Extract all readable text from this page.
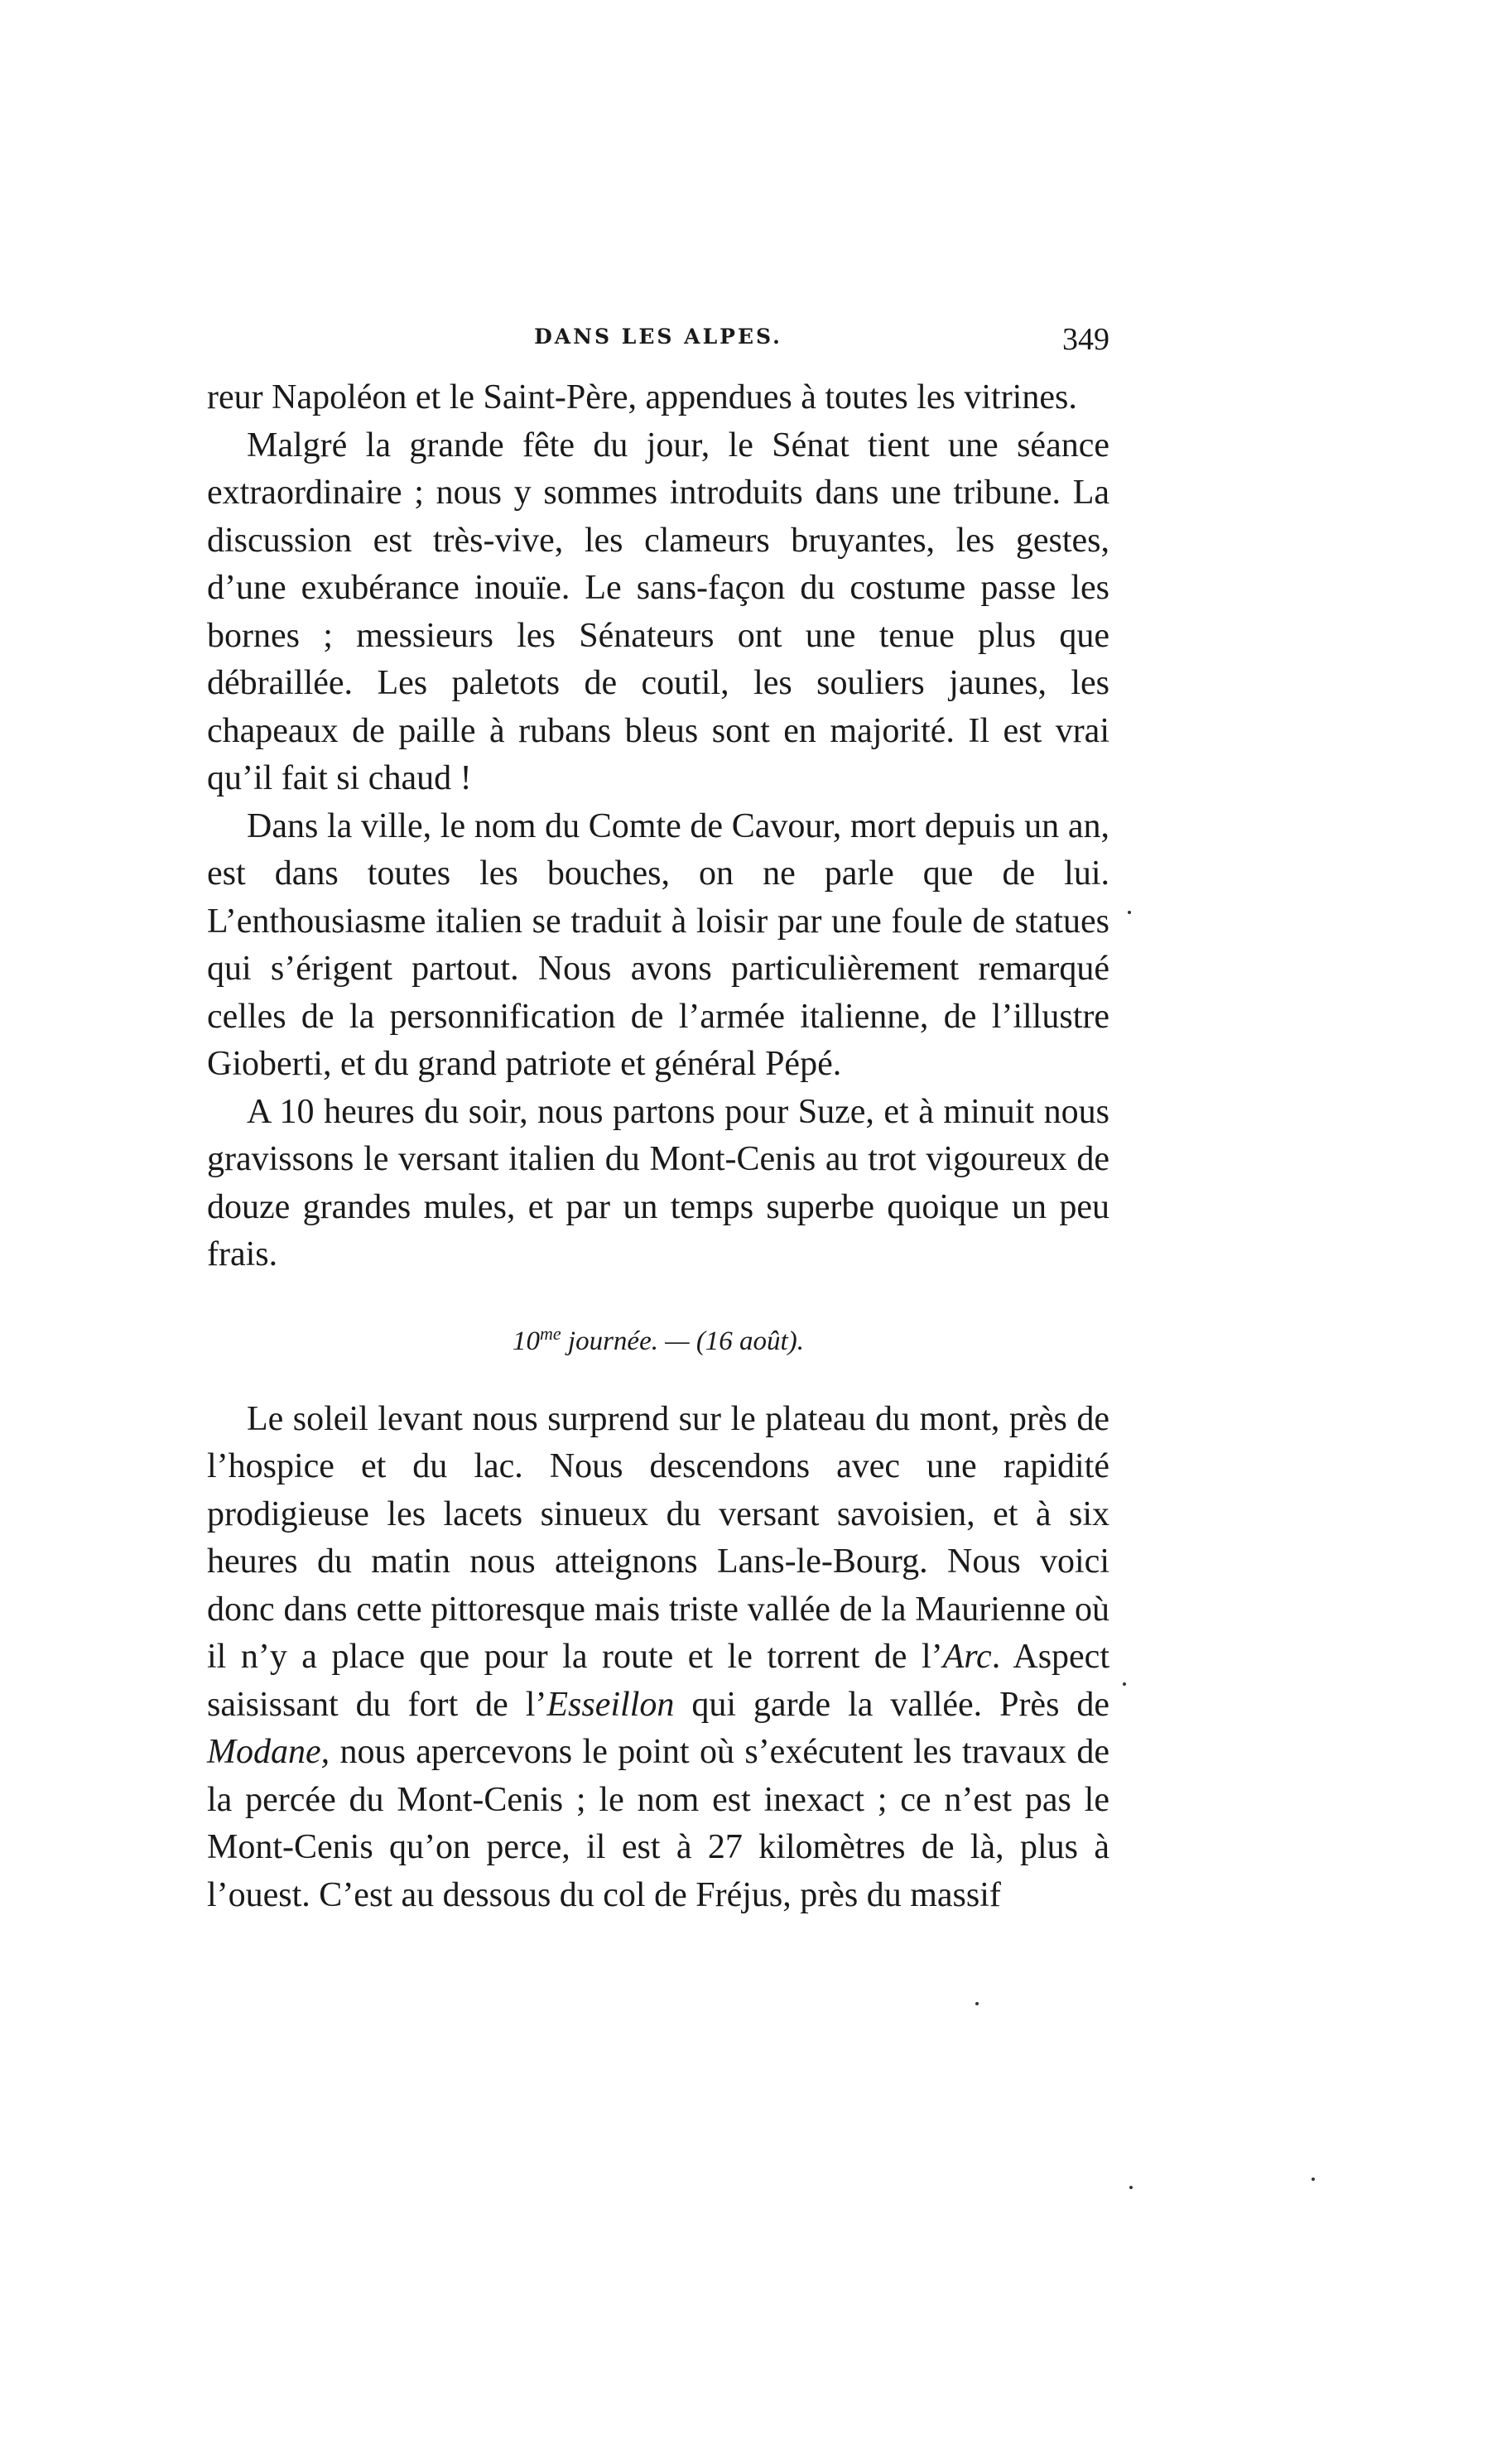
DANS LES ALPES.	349

reur Napoléon et le Saint-Père, appendues à toutes les vitrines.

Malgré la grande fête du jour, le Sénat tient une séance extraordinaire ; nous y sommes introduits dans une tribune. La discussion est très-vive, les clameurs bruyantes, les gestes, d’une exubérance inouïe. Le sans-façon du costume passe les bornes ; messieurs les Sénateurs ont une tenue plus que débraillée. Les paletots de coutil, les souliers jaunes, les chapeaux de paille à rubans bleus sont en majorité. Il est vrai qu’il fait si chaud !

Dans la ville, le nom du Comte de Cavour, mort depuis un an, est dans toutes les bouches, on ne parle que de lui. L’enthousiasme italien se traduit à loisir par une foule de statues qui s’érigent partout. Nous avons particulièrement remarqué celles de la personnification de l’armée italienne, de l’illustre Gioberti, et du grand patriote et général Pépé.

A 10 heures du soir, nous partons pour Suze, et à minuit nous gravissons le versant italien du Mont-Cenis au trot vigoureux de douze grandes mules, et par un temps superbe quoique un peu frais.

$10^{me}$ journée. — (16 août).

Le soleil levant nous surprend sur le plateau du mont, près de l’hospice et du lac. Nous descendons avec une rapidité prodigieuse les lacets sinueux du versant savoisien, et à six heures du matin nous atteignons Lans-le-Bourg. Nous voici donc dans cette pittoresque mais triste vallée de la Maurienne où il n’y a place que pour la route et le torrent de l’Arc. Aspect saisissant du fort de l’Esseillon qui garde la vallée. Près de Modane, nous apercevons le point où s’exécutent les travaux de la percée du Mont-Cenis ; le nom est inexact ; ce n’est pas le Mont-Cenis qu’on perce, il est à 27 kilomètres de là, plus à l’ouest. C’est au dessous du col de Fréjus, près du massif
